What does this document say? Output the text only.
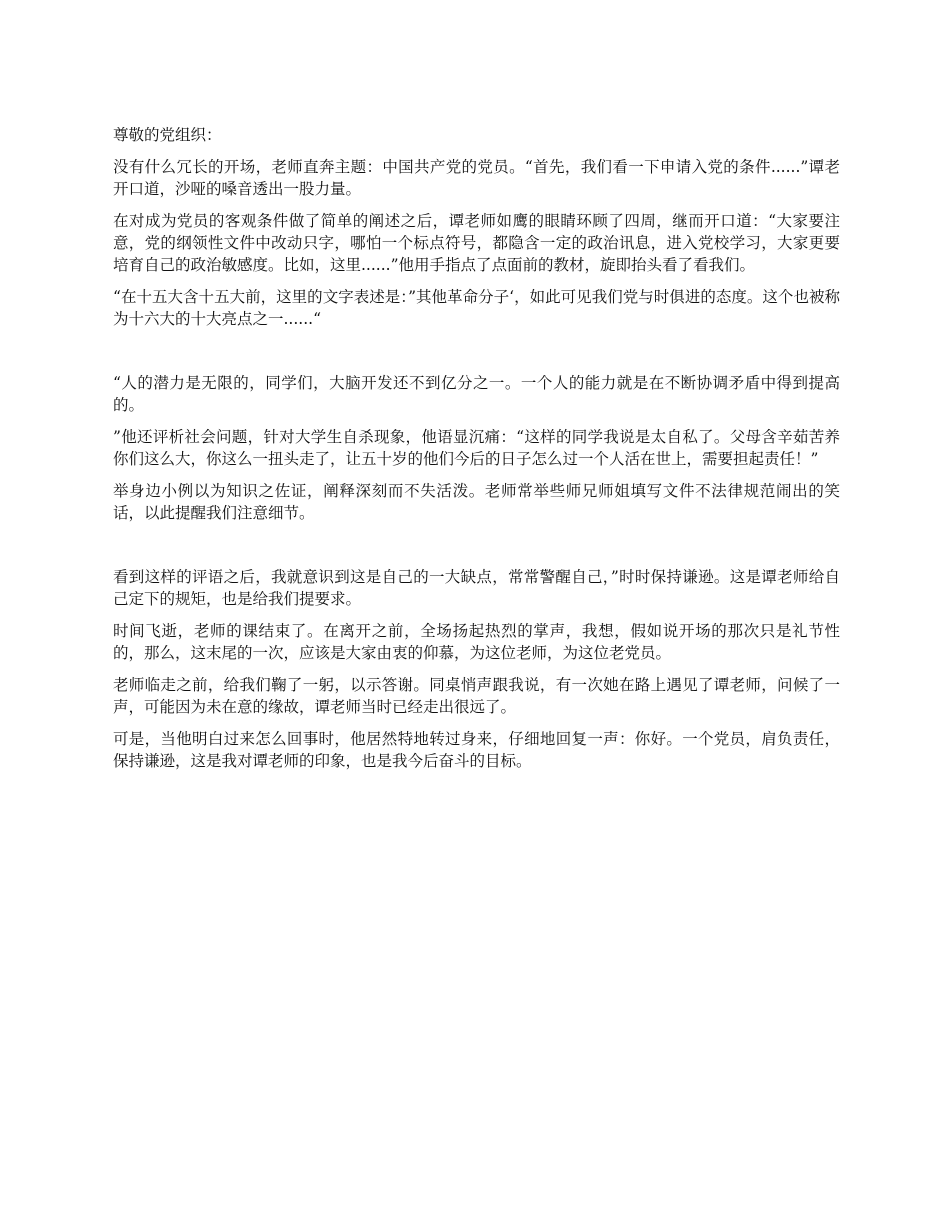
尊敬的党组织：

没有什么冗长的开场，老师直奔主题：中国共产党的党员。“首先，我们看一下申请入党的条件......”谭老开口道，沙哑的嗓音透出一股力量。

在对成为党员的客观条件做了简单的阐述之后，谭老师如鹰的眼睛环顾了四周，继而开口道：“大家要注意，党的纲领性文件中改动只字，哪怕一个标点符号，都隐含一定的政治讯息，进入党校学习，大家更要培育自己的政治敏感度。比如，这里......”他用手指点了点面前的教材，旋即抬头看了看我们。

“在十五大含十五大前，这里的文字表述是：”其他革命分子‘，如此可见我们党与时俱进的态度。这个也被称为十六大的十大亮点之一......“

“人的潜力是无限的，同学们，大脑开发还不到亿分之一。一个人的能力就是在不断协调矛盾中得到提高的。

”他还评析社会问题，针对大学生自杀现象，他语显沉痛：“这样的同学我说是太自私了。父母含辛茹苦养你们这么大，你这么一扭头走了，让五十岁的他们今后的日子怎么过一个人活在世上，需要担起责任！”

举身边小例以为知识之佐证，阐释深刻而不失活泼。老师常举些师兄师姐填写文件不法律规范闹出的笑话，以此提醒我们注意细节。

看到这样的评语之后，我就意识到这是自己的一大缺点，常常警醒自己，”时时保持谦逊。这是谭老师给自己定下的规矩，也是给我们提要求。

时间飞逝，老师的课结束了。在离开之前，全场扬起热烈的掌声，我想，假如说开场的那次只是礼节性的，那么，这末尾的一次，应该是大家由衷的仰慕，为这位老师，为这位老党员。

老师临走之前，给我们鞠了一躬，以示答谢。同桌悄声跟我说，有一次她在路上遇见了谭老师，问候了一声，可能因为未在意的缘故，谭老师当时已经走出很远了。

可是，当他明白过来怎么回事时，他居然特地转过身来，仔细地回复一声：你好。一个党员，肩负责任，保持谦逊，这是我对谭老师的印象，也是我今后奋斗的目标。
